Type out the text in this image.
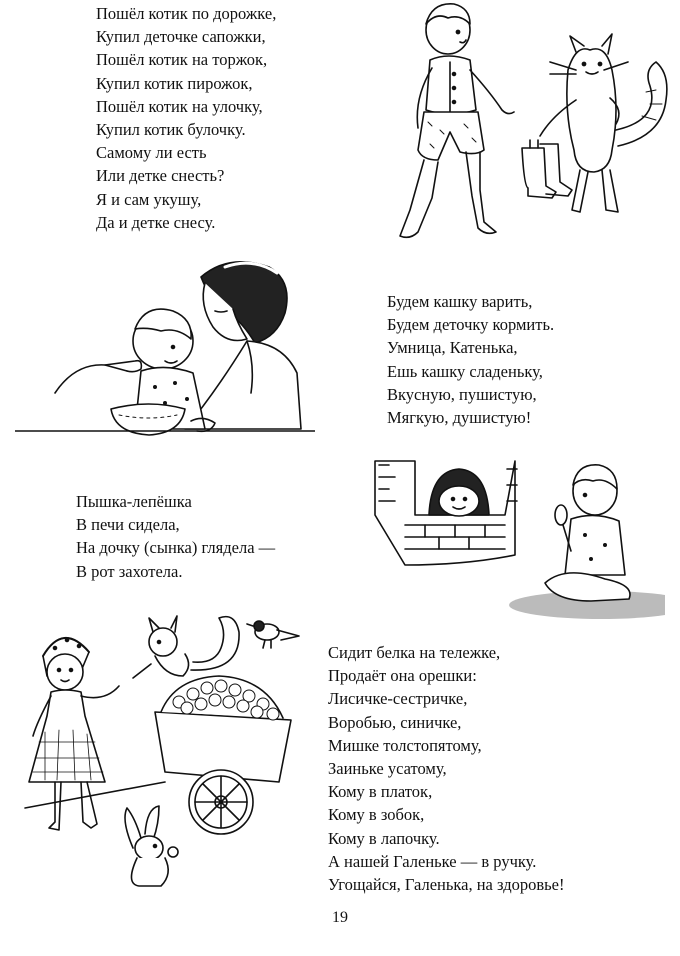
Пошёл котик по дорожке,
Купил деточке сапожки,
Пошёл котик на торжок,
Купил котик пирожок,
Пошёл котик на улочку,
Купил котик булочку.
Самому ли есть
Или детке снесть?
Я и сам укушу,
Да и детке снесу.
Будем кашку варить,
Будем деточку кормить.
Умница, Катенька,
Ешь кашку сладеньку,
Вкусную, пушистую,
Мягкую, душистую!
Пышка-лепёшка
В печи сидела,
На дочку (сынка) глядела —
В рот захотела.
Сидит белка на тележке,
Продаёт она орешки:
Лисичке-сестричке,
Воробью, синичке,
Мишке толстопятому,
Заиньке усатому,
Кому в платок,
Кому в зобок,
Кому в лапочку.
А нашей Галеньке — в ручку.
Угощайся, Галенька, на здоровье!
19
